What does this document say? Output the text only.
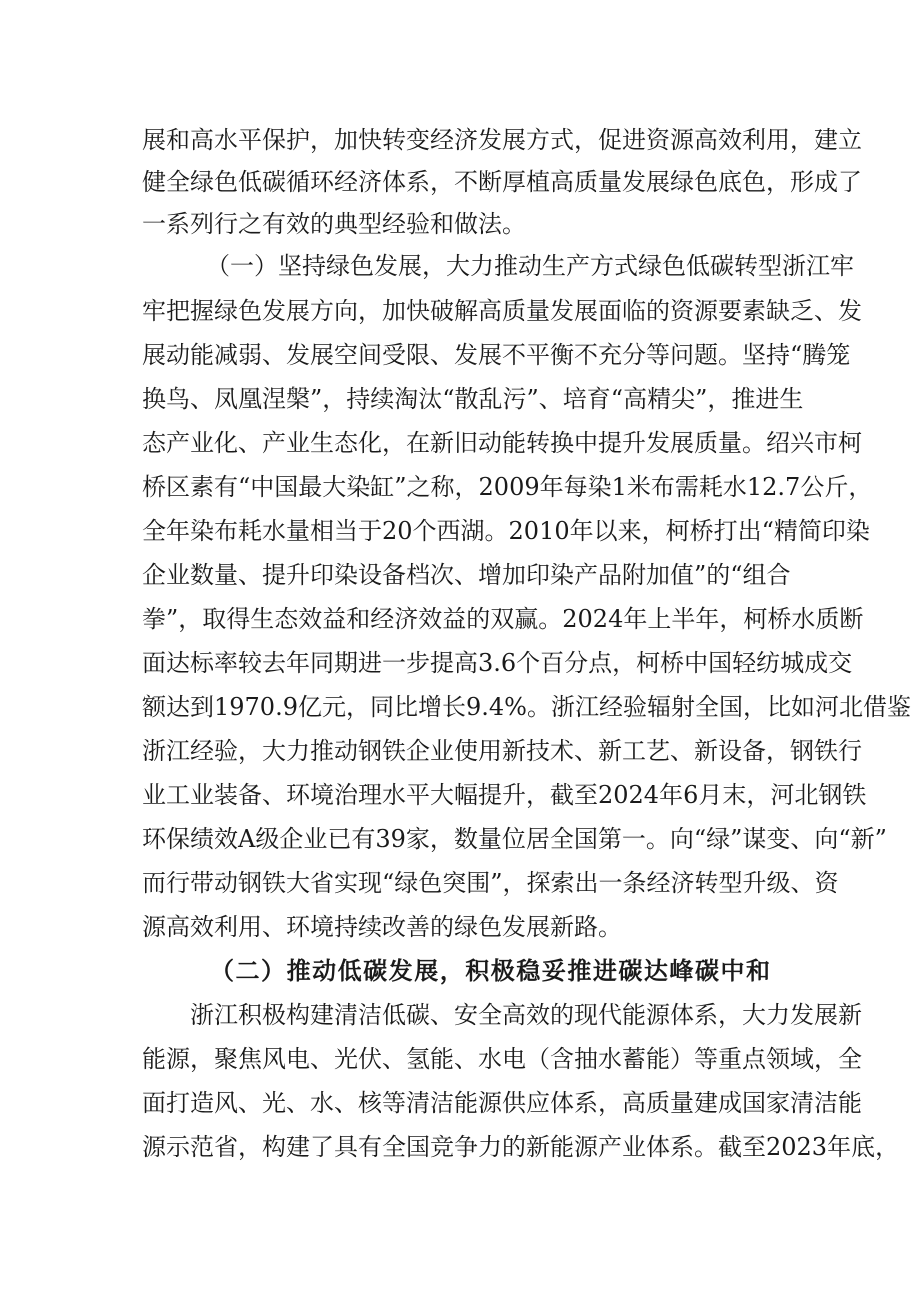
展和高水平保护，加快转变经济发展方式，促进资源高效利用，建立
健全绿色低碳循环经济体系，不断厚植高质量发展绿色底色，形成了
一系列行之有效的典型经验和做法。
（一）坚持绿色发展，大力推动生产方式绿色低碳转型浙江牢
牢把握绿色发展方向，加快破解高质量发展面临的资源要素缺乏、发
展动能减弱、发展空间受限、发展不平衡不充分等问题。坚持“腾笼
换鸟、凤凰涅槃”，持续淘汰“散乱污”、培育“高精尖”，推进生
态产业化、产业生态化，在新旧动能转换中提升发展质量。绍兴市柯
桥区素有“中国最大染缸”之称，2009年每染1米布需耗水12.7公斤，
全年染布耗水量相当于20个西湖。2010年以来，柯桥打出“精简印染
企业数量、提升印染设备档次、增加印染产品附加值”的“组合
拳”，取得生态效益和经济效益的双赢。2024年上半年，柯桥水质断
面达标率较去年同期进一步提高3.6个百分点，柯桥中国轻纺城成交
额达到1970.9亿元，同比增长9.4%。浙江经验辐射全国，比如河北借鉴
浙江经验，大力推动钢铁企业使用新技术、新工艺、新设备，钢铁行
业工业装备、环境治理水平大幅提升，截至2024年6月末，河北钢铁
环保绩效A级企业已有39家，数量位居全国第一。向“绿”谋变、向“新”
而行带动钢铁大省实现“绿色突围”，探索出一条经济转型升级、资
源高效利用、环境持续改善的绿色发展新路。
（二）推动低碳发展，积极稳妥推进碳达峰碳中和
浙江积极构建清洁低碳、安全高效的现代能源体系，大力发展新
能源，聚焦风电、光伏、氢能、水电（含抽水蓄能）等重点领域，全
面打造风、光、水、核等清洁能源供应体系，高质量建成国家清洁能
源示范省，构建了具有全国竞争力的新能源产业体系。截至2023年底，
